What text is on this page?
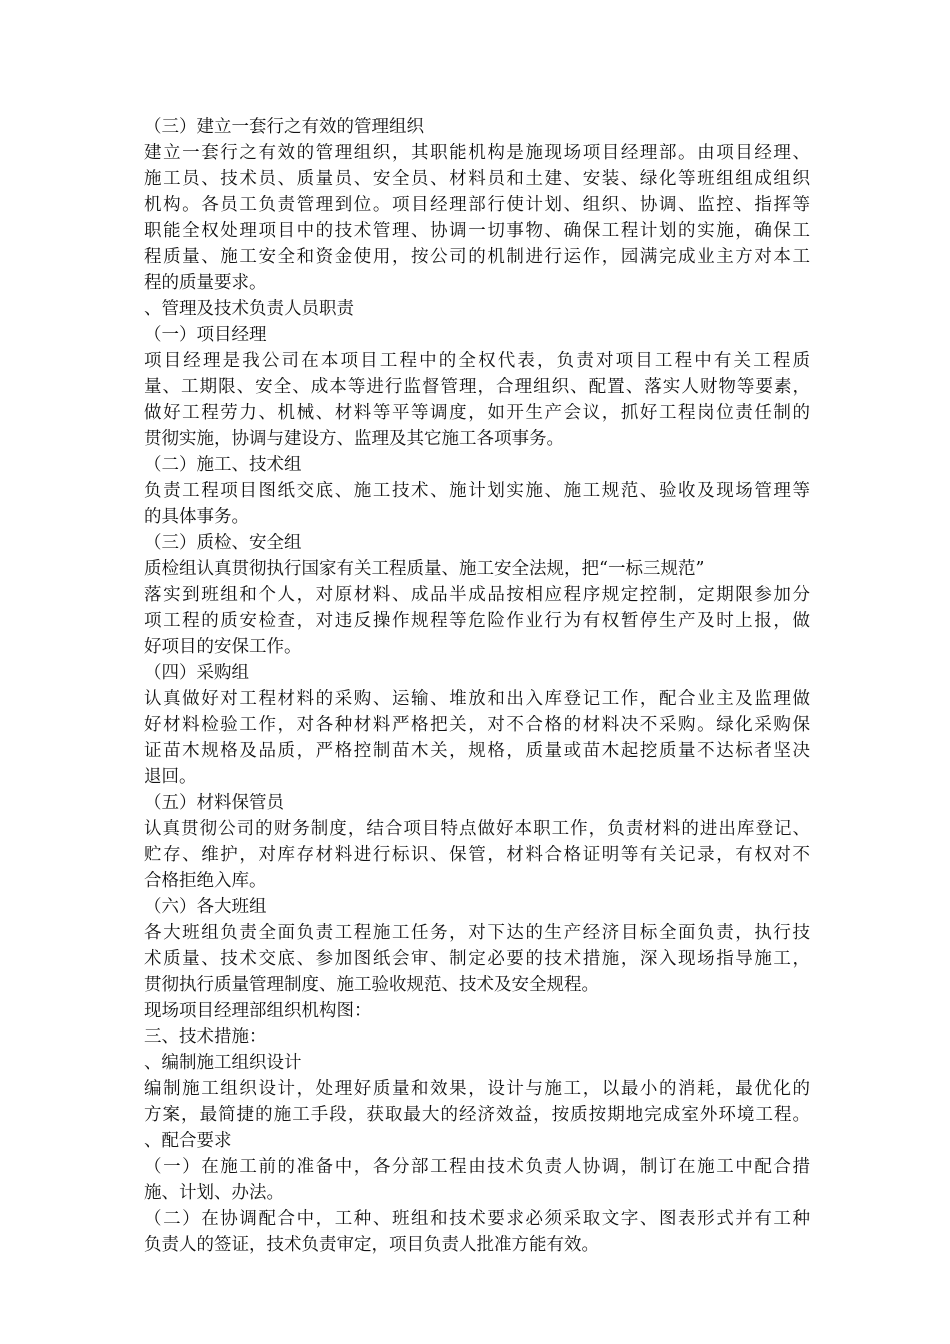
（三）建立一套行之有效的管理组织
建立一套行之有效的管理组织，其职能机构是施现场项目经理部。由项目经理、
施工员、技术员、质量员、安全员、材料员和土建、安装、绿化等班组组成组织
机构。各员工负责管理到位。项目经理部行使计划、组织、协调、监控、指挥等
职能全权处理项目中的技术管理、协调一切事物、确保工程计划的实施，确保工
程质量、施工安全和资金使用，按公司的机制进行运作，园满完成业主方对本工
程的质量要求。
、管理及技术负责人员职责
（一）项目经理
项目经理是我公司在本项目工程中的全权代表，负责对项目工程中有关工程质
量、工期限、安全、成本等进行监督管理，合理组织、配置、落实人财物等要素，
做好工程劳力、机械、材料等平等调度，如开生产会议，抓好工程岗位责任制的
贯彻实施，协调与建设方、监理及其它施工各项事务。
（二）施工、技术组
负责工程项目图纸交底、施工技术、施计划实施、施工规范、验收及现场管理等
的具体事务。
（三）质检、安全组
质检组认真贯彻执行国家有关工程质量、施工安全法规，把“一标三规范”
落实到班组和个人，对原材料、成品半成品按相应程序规定控制，定期限参加分
项工程的质安检查，对违反操作规程等危险作业行为有权暂停生产及时上报，做
好项目的安保工作。
（四）采购组
认真做好对工程材料的采购、运输、堆放和出入库登记工作，配合业主及监理做
好材料检验工作，对各种材料严格把关，对不合格的材料决不采购。绿化采购保
证苗木规格及品质，严格控制苗木关，规格，质量或苗木起挖质量不达标者坚决
退回。
（五）材料保管员
认真贯彻公司的财务制度，结合项目特点做好本职工作，负责材料的进出库登记、
贮存、维护，对库存材料进行标识、保管，材料合格证明等有关记录，有权对不
合格拒绝入库。
（六）各大班组
各大班组负责全面负责工程施工任务，对下达的生产经济目标全面负责，执行技
术质量、技术交底、参加图纸会审、制定必要的技术措施，深入现场指导施工，
贯彻执行质量管理制度、施工验收规范、技术及安全规程。
现场项目经理部组织机构图：
三、技术措施：
、编制施工组织设计
编制施工组织设计，处理好质量和效果，设计与施工，以最小的消耗，最优化的
方案，最简捷的施工手段，获取最大的经济效益，按质按期地完成室外环境工程。
、配合要求
（一）在施工前的准备中，各分部工程由技术负责人协调，制订在施工中配合措
施、计划、办法。
（二）在协调配合中，工种、班组和技术要求必须采取文字、图表形式并有工种
负责人的签证，技术负责审定，项目负责人批准方能有效。
